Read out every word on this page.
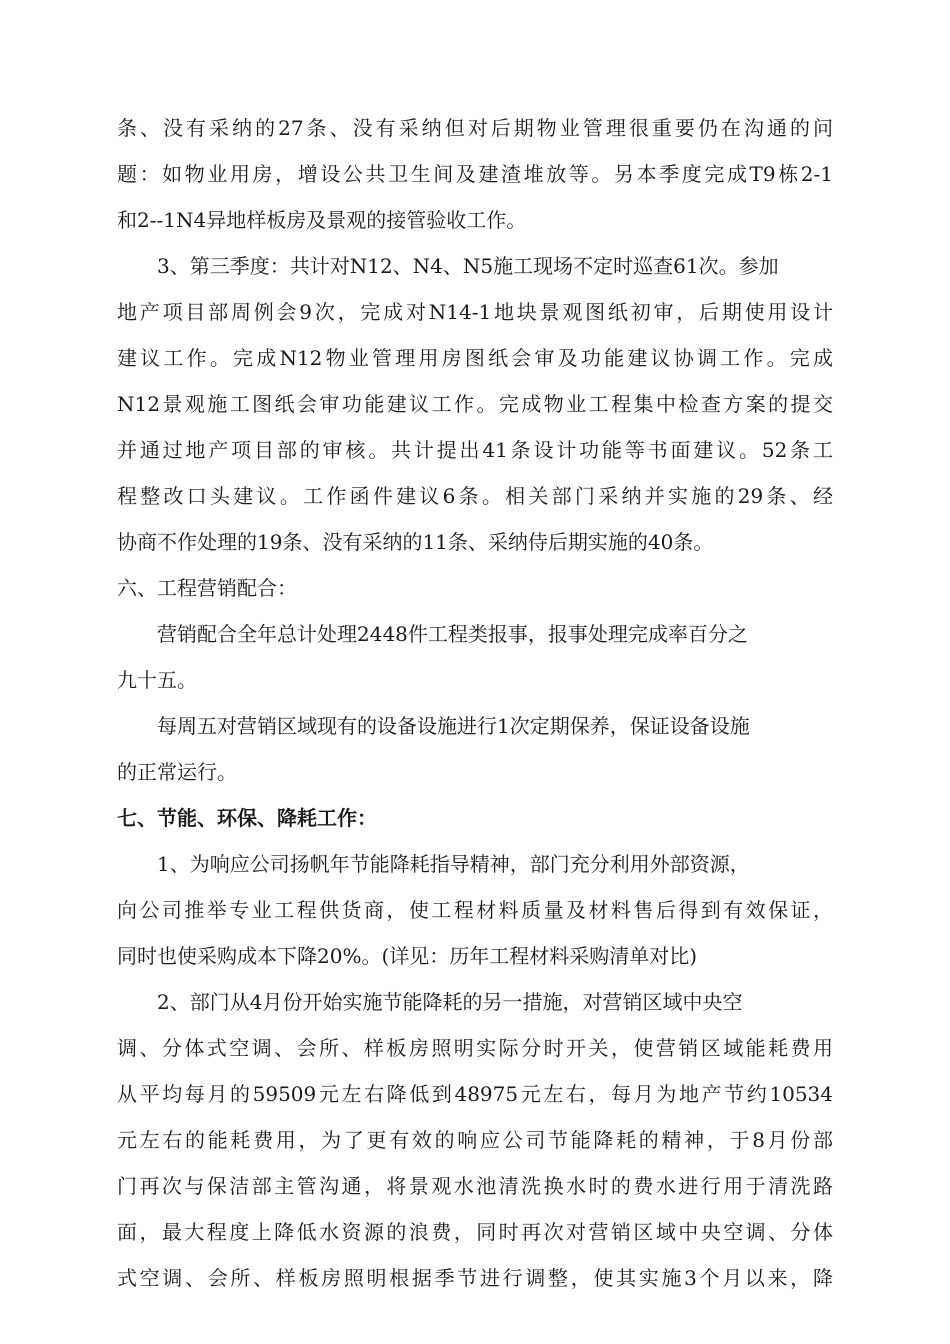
条、没有采纳的27条、没有采纳但对后期物业管理很重要仍在沟通的问
题：如物业用房，增设公共卫生间及建渣堆放等。另本季度完成T9栋2-1
和2--1N4异地样板房及景观的接管验收工作。
3、第三季度：共计对N12、N4、N5施工现场不定时巡查61次。参加
地产项目部周例会9次，完成对N14-1地块景观图纸初审，后期使用设计
建议工作。完成N12物业管理用房图纸会审及功能建议协调工作。完成
N12景观施工图纸会审功能建议工作。完成物业工程集中检查方案的提交
并通过地产项目部的审核。共计提出41条设计功能等书面建议。52条工
程整改口头建议。工作函件建议6条。相关部门采纳并实施的29条、经
协商不作处理的19条、没有采纳的11条、采纳侍后期实施的40条。
六、工程营销配合：
营销配合全年总计处理2448件工程类报事，报事处理完成率百分之
九十五。
每周五对营销区域现有的设备设施进行1次定期保养，保证设备设施
的正常运行。
七、节能、环保、降耗工作：
1、为响应公司扬帆年节能降耗指导精神，部门充分利用外部资源，
向公司推举专业工程供货商，使工程材料质量及材料售后得到有效保证，
同时也使采购成本下降20%。(详见：历年工程材料采购清单对比)
2、部门从4月份开始实施节能降耗的另一措施，对营销区域中央空
调、分体式空调、会所、样板房照明实际分时开关，使营销区域能耗费用
从平均每月的59509元左右降低到48975元左右，每月为地产节约10534
元左右的能耗费用，为了更有效的响应公司节能降耗的精神，于8月份部
门再次与保洁部主管沟通，将景观水池清洗换水时的费水进行用于清洗路
面，最大程度上降低水资源的浪费，同时再次对营销区域中央空调、分体
式空调、会所、样板房照明根据季节进行调整，使其实施3个月以来，降
